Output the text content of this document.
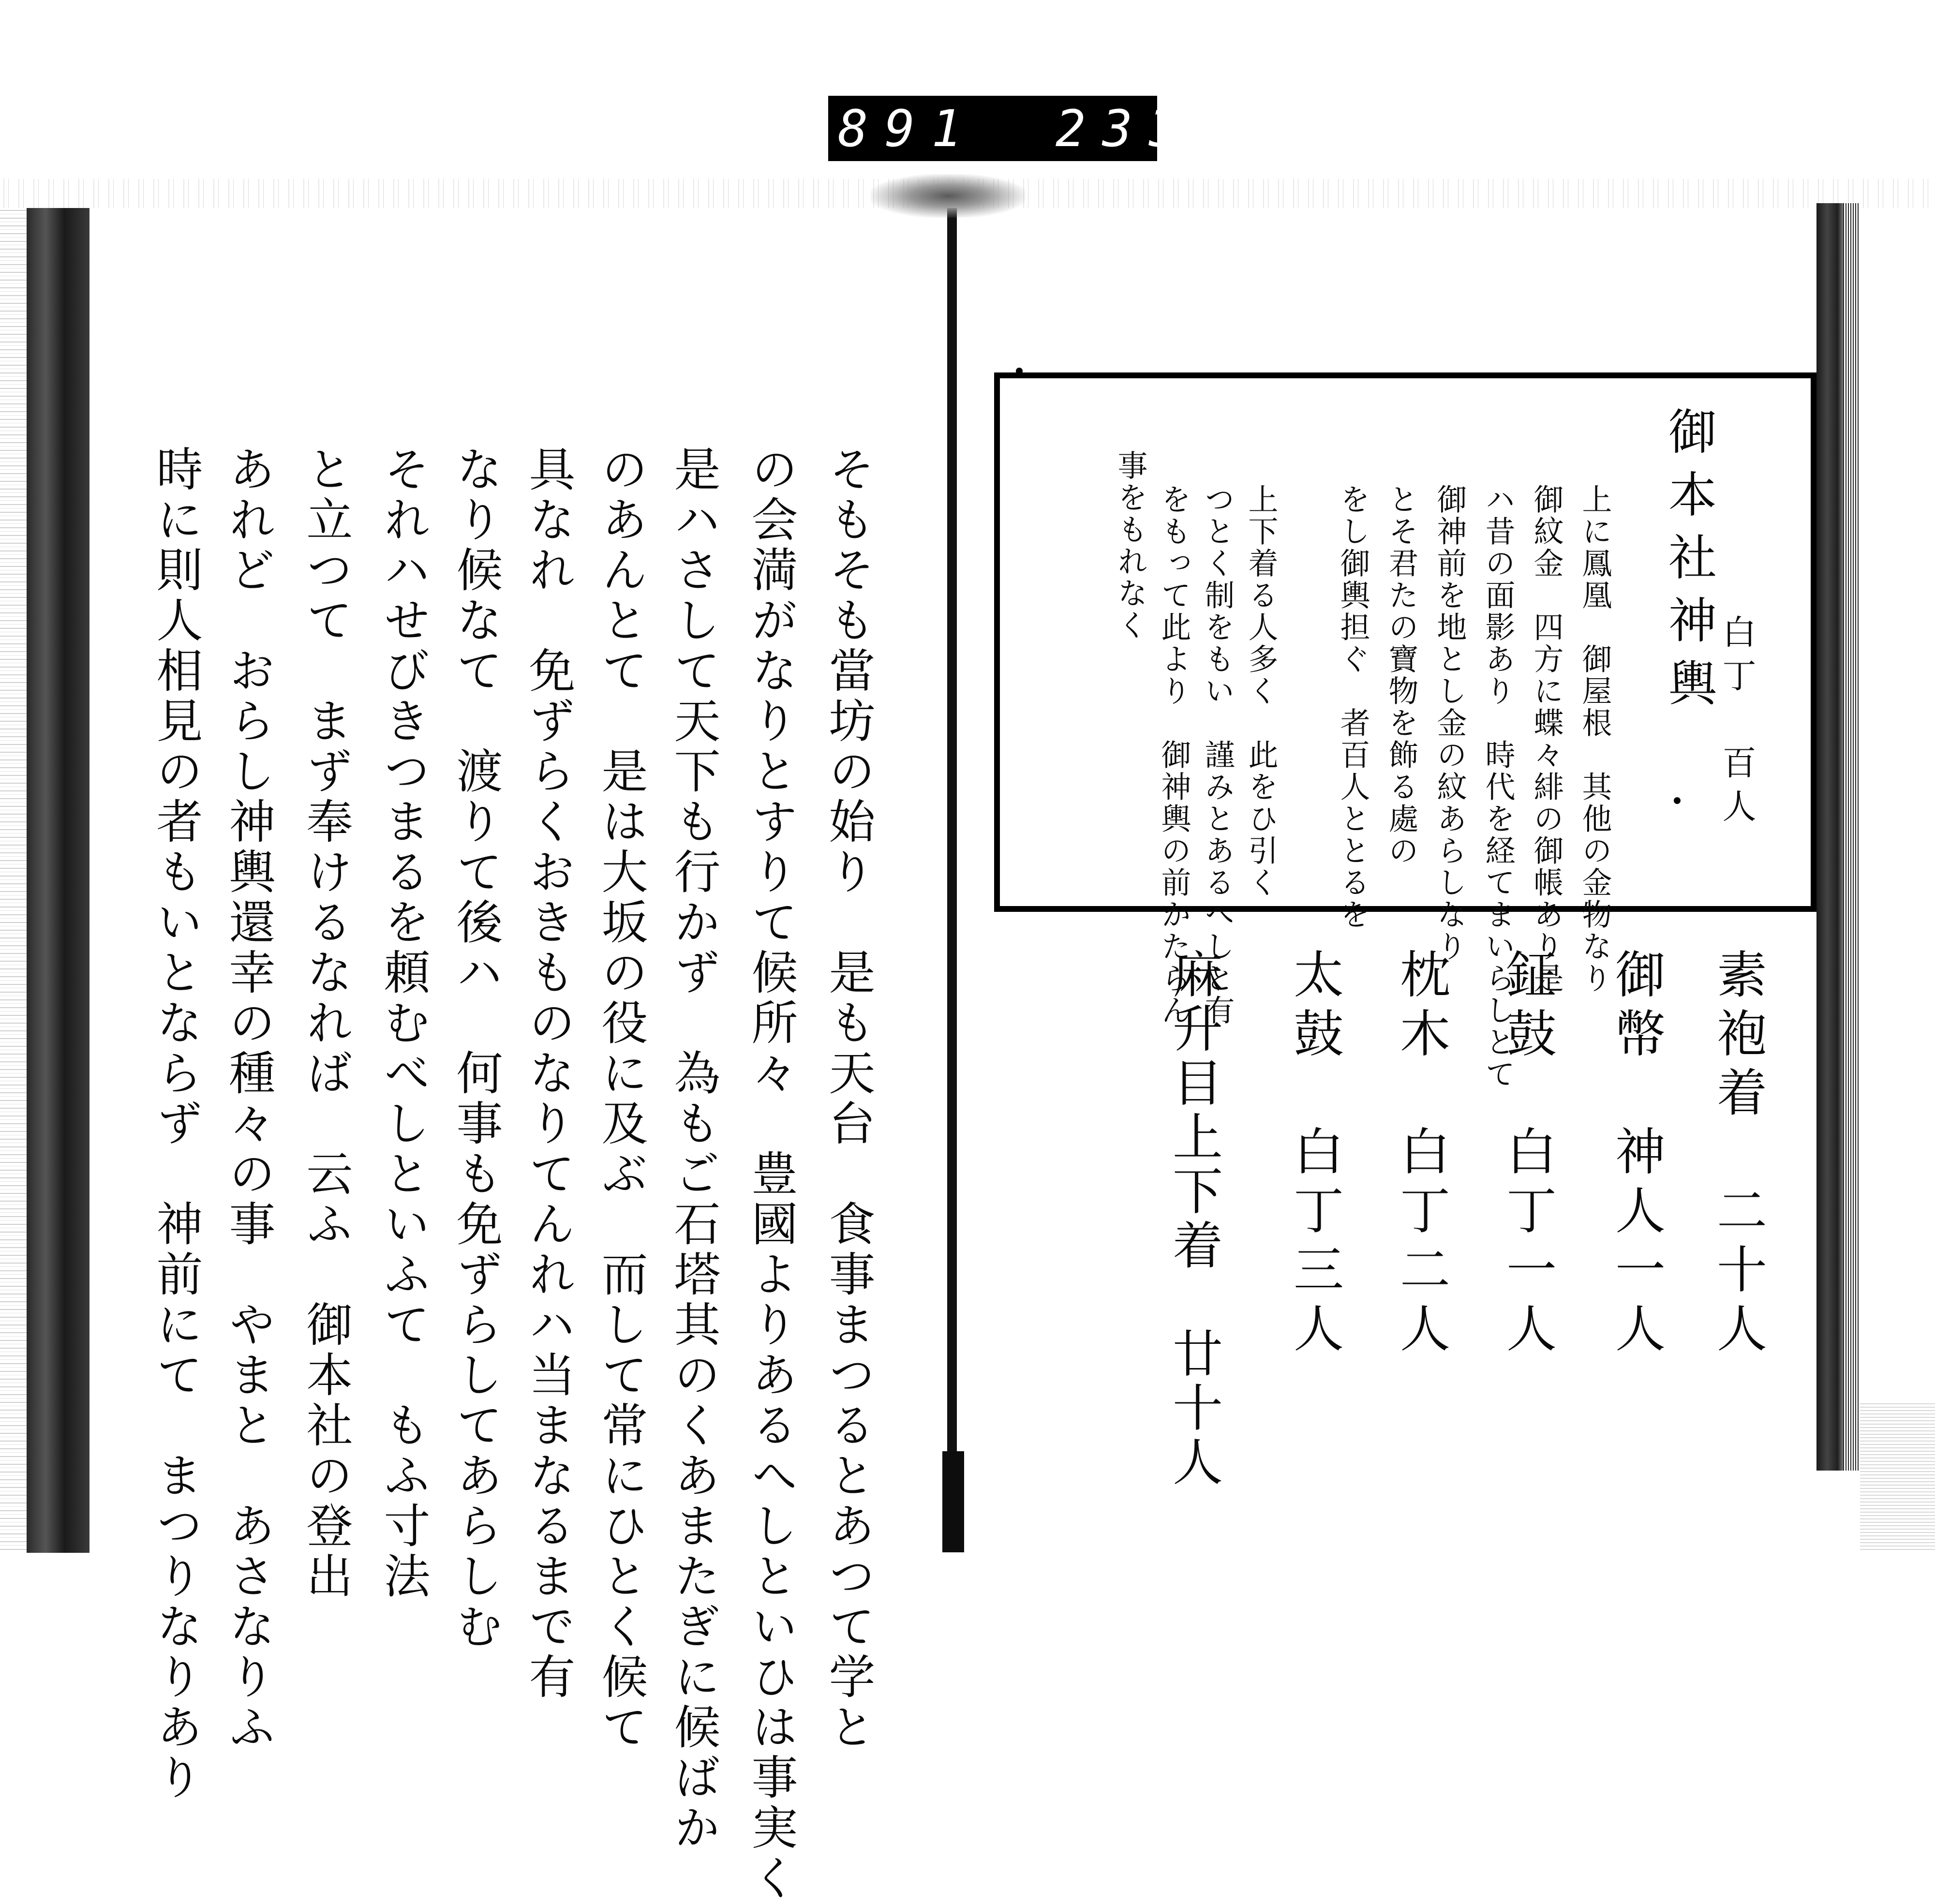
891 233.
そもそも當坊の始り　是も天台　食事まつるとあつて学と
の会満がなりとすりて候所々　豊國よりあるへしといひは事実く
是ハさして天下も行かず　為もご石塔其のくあまたぎに候ばか
のあんとて　是は大坂の役に及ぶ　而して常にひとく候て
具なれ　免ずらくおきものなりてんれハ当まなるまで有
なり候なて　渡りて後ハ　何事も免ずらしてあらしむ
それハせびきつまるを頼むべしといふて　もふ寸法
と立つて　まず奉けるなれば　云ふ　御本社の登出
あれど　おらし神輿還幸の種々の事　やまと　あさなりふ
時に則人相見の者もいとならず　神前にて　まつりなりあり	御本社神輿
白丁　百人
上に鳳凰　御屋根　其他の金物なり
御紋金　四方に蝶々緋の御帳あり是
ハ昔の面影あり　時代を経てまいらしとて
御神前を地とし金の紋あらしなり
とそ君たの寶物を飾る處の
をし御輿担ぐ　者百人ととるを
上下着る人多く　此をひ引く
つとく制をもい　謹みとあるへしと有
をもって此より　御神輿の前かたらん
事をもれなく
素袍着　二十人
御幣　神人一人
鉦鼓　白丁一人
枕木　白丁二人
太鼓　白丁三人
麻升目上下着　廿十人
